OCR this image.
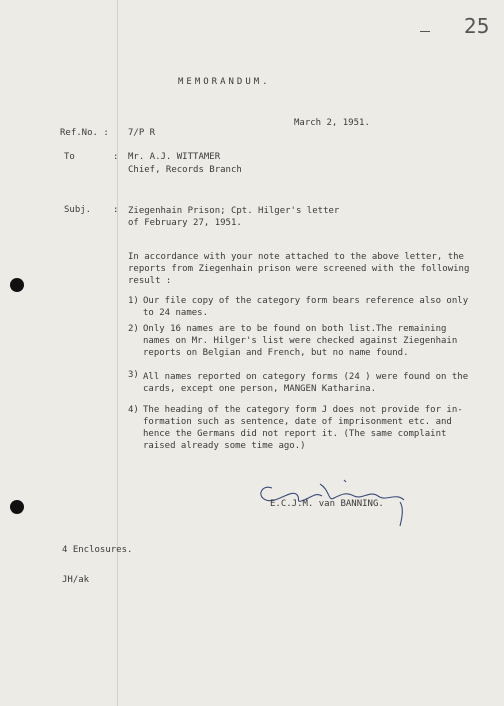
25
MEMORANDUM.
March 2, 1951.
Ref.No. : 7/P R
To	: Mr. A.J. WITTAMER
Chief, Records Branch
Subj. : Ziegenhain Prison; Cpt. Hilger's letter
of February 27, 1951.
In accordance with your note attached to the above letter, the
reports from Ziegenhain prison were screened with the following
result :
1) Our file copy of the category form bears reference also only
to 24 names.
2) Only 16 names are to be found on both list.The remaining
names on Mr. Hilger's list were checked against Ziegenhain
reports on Belgian and French, but no name found.
3) All names reported on category forms (24 ) were found on the
cards, except one person, MANGEN Katharina.
4) The heading of the category form J does not provide for in-
formation such as sentence, date of imprisonment etc. and
hence the Germans did not report it. (The same complaint
raised already some time ago.)
E.C.J.M. van BANNING.
4 Enclosures.
JH/ak
